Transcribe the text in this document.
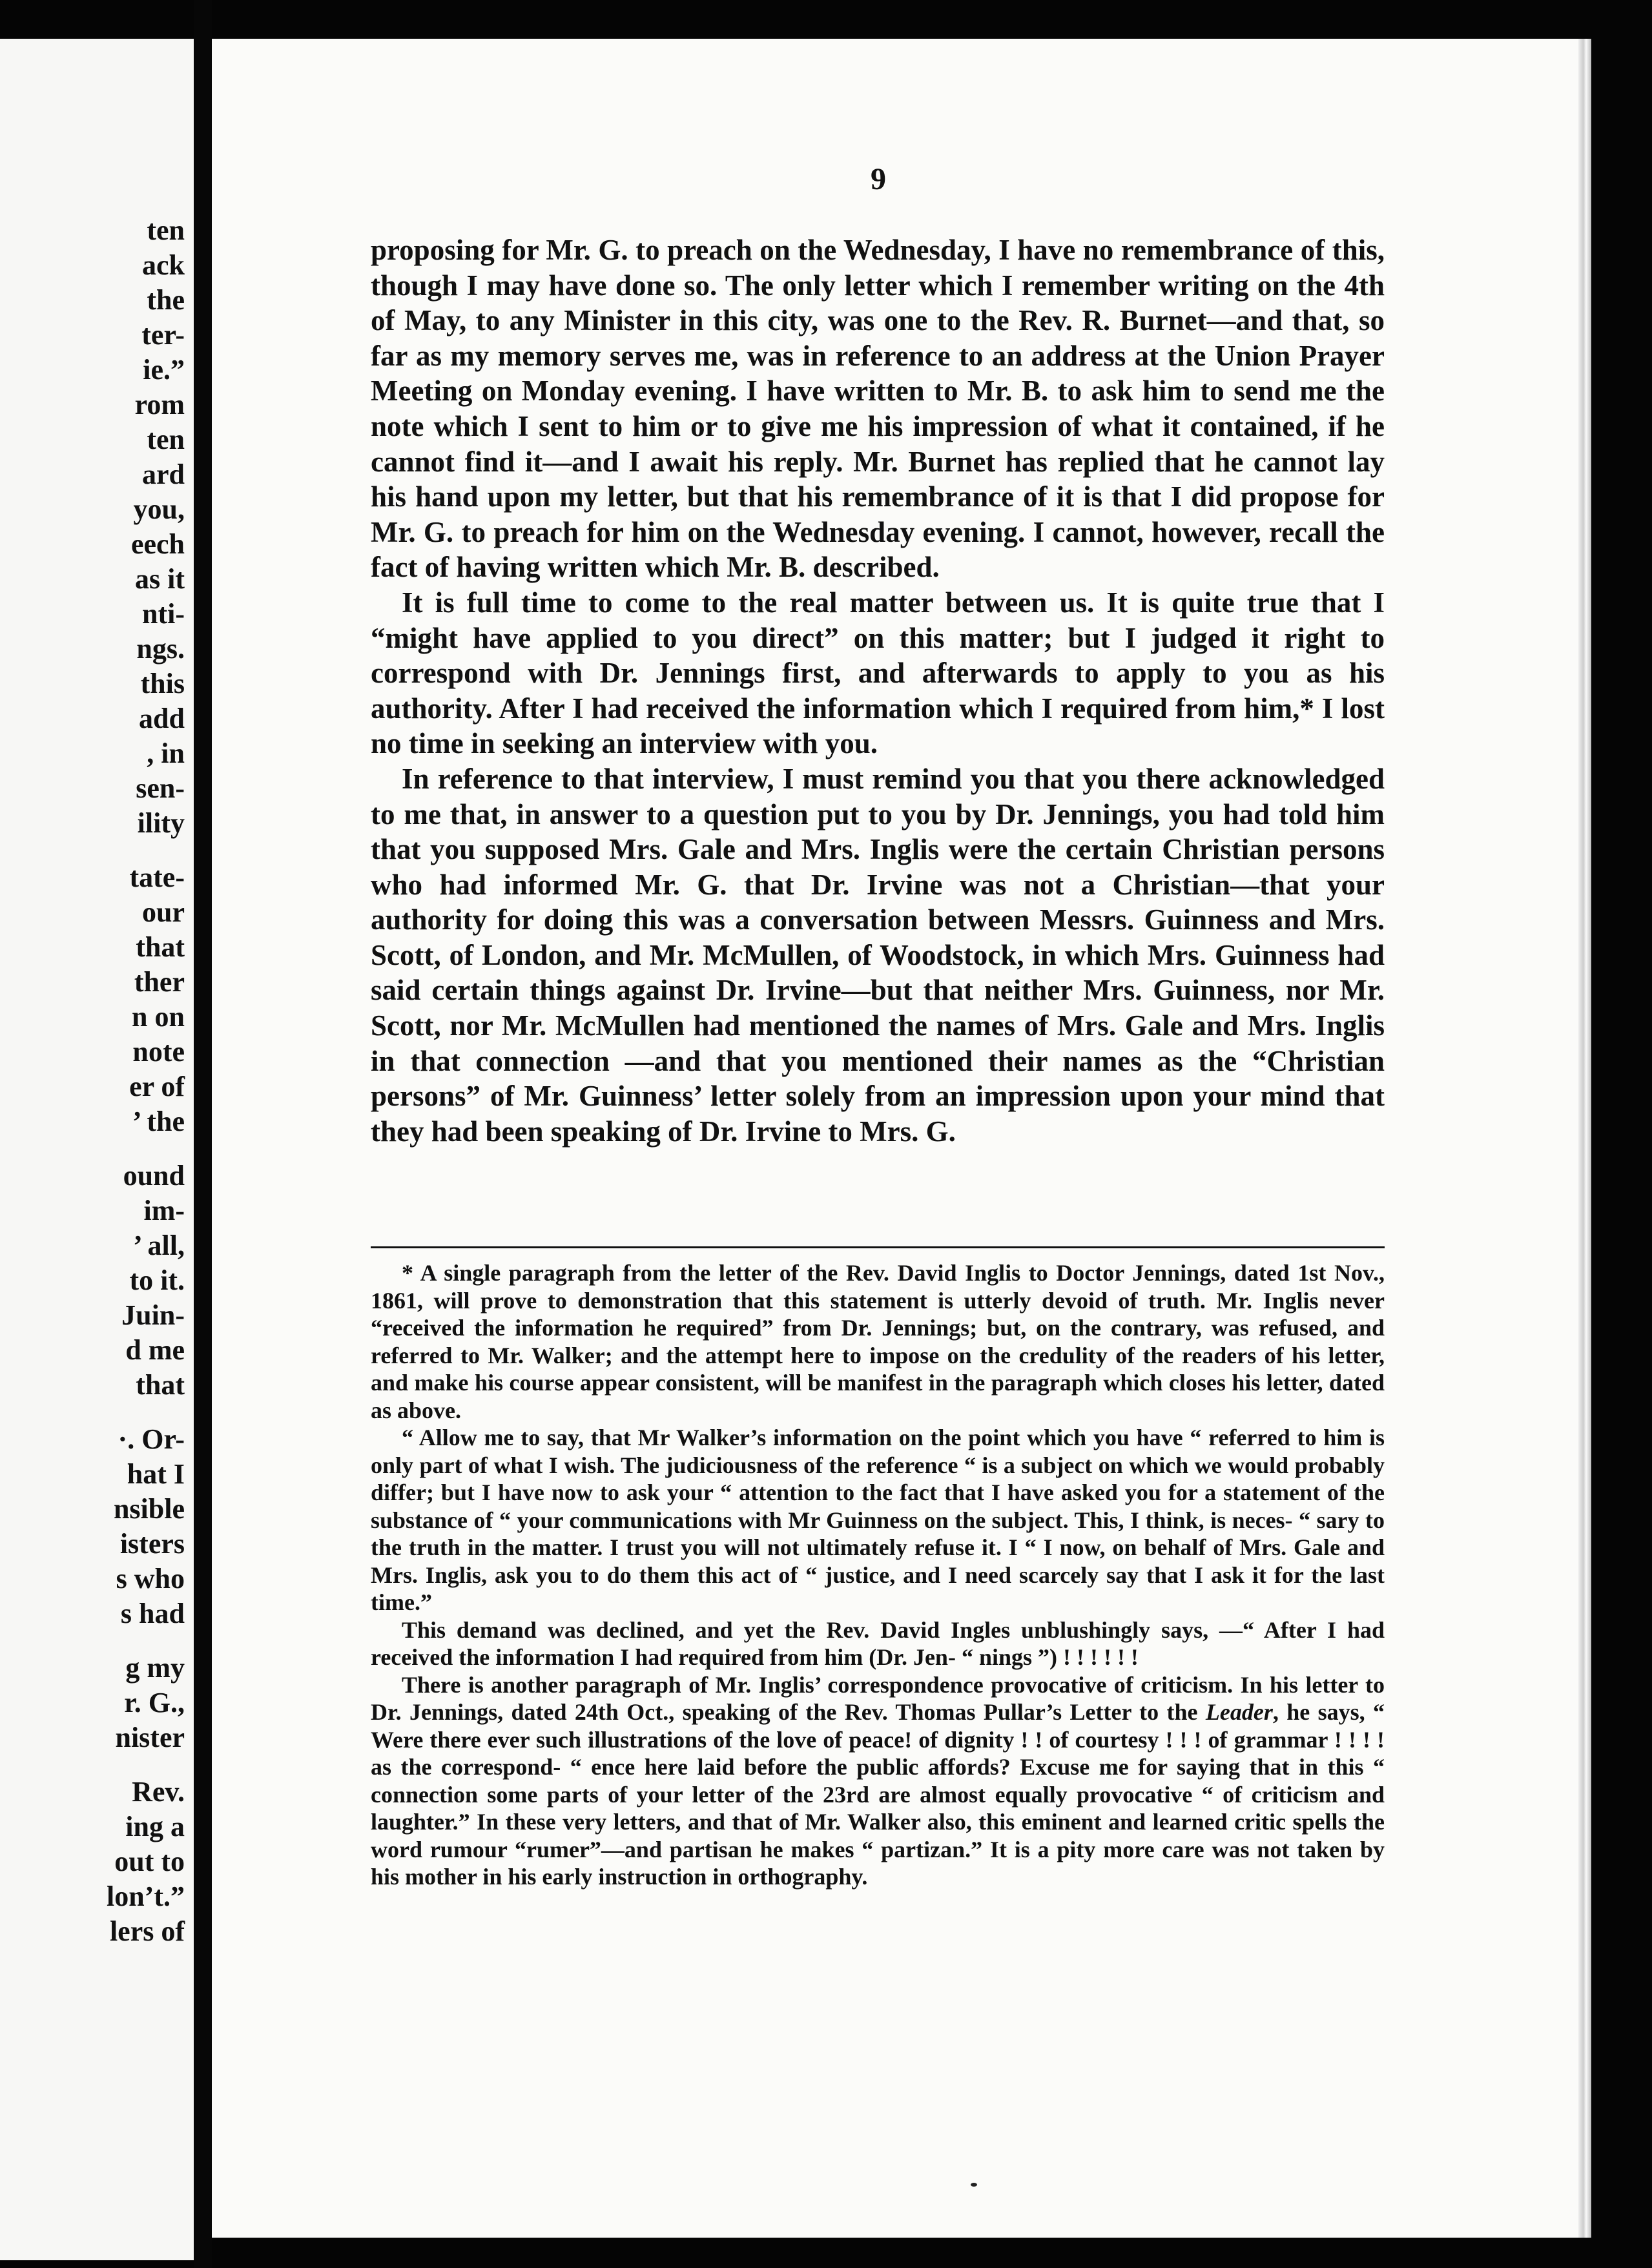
ten
ack
the
ter-
ie.”
rom
ten
ard
you,
eech
as it
nti-
ngs.
this
add
, in
sen-
ility
tate-
our
that
ther
n on
note
er of
’ the
ound
im-
’ all,
to it.
Juin-
d me
that
·. Or-
hat I
nsible
isters
s who
s had
g my
r. G.,
nister
Rev.
ing a
out to
lon’t.”
lers of
9

proposing for Mr. G. to preach on the Wednesday, I have no remembrance of this, though I may have done so. The only letter which I remember writing on the 4th of May, to any Minister in this city, was one to the Rev. R. Burnet—and that, so far as my memory serves me, was in reference to an address at the Union Prayer Meeting on Monday evening. I have written to Mr. B. to ask him to send me the note which I sent to him or to give me his impression of what it contained, if he cannot find it—and I await his reply. Mr. Burnet has replied that he cannot lay his hand upon my letter, but that his remembrance of it is that I did propose for Mr. G. to preach for him on the Wednesday evening. I cannot, however, recall the fact of having written which Mr. B. described.

It is full time to come to the real matter between us. It is quite true that I “might have applied to you direct” on this matter; but I judged it right to correspond with Dr. Jennings first, and afterwards to apply to you as his authority. After I had received the information which I required from him,* I lost no time in seeking an interview with you.

In reference to that interview, I must remind you that you there acknowledged to me that, in answer to a question put to you by Dr. Jennings, you had told him that you supposed Mrs. Gale and Mrs. Inglis were the certain Christian persons who had informed Mr. G. that Dr. Irvine was not a Christian—that your authority for doing this was a conversation between Messrs. Guinness and Mrs. Scott, of London, and Mr. McMullen, of Woodstock, in which Mrs. Guinness had said certain things against Dr. Irvine—but that neither Mrs. Guinness, nor Mr. Scott, nor Mr. McMullen had mentioned the names of Mrs. Gale and Mrs. Inglis in that connection —and that you mentioned their names as the “Christian persons” of Mr. Guinness’ letter solely from an impression upon your mind that they had been speaking of Dr. Irvine to Mrs. G.

* A single paragraph from the letter of the Rev. David Inglis to Doctor Jennings, dated 1st Nov., 1861, will prove to demonstration that this statement is utterly devoid of truth. Mr. Inglis never “received the information he required” from Dr. Jennings; but, on the contrary, was refused, and referred to Mr. Walker; and the attempt here to impose on the credulity of the readers of his letter, and make his course appear consistent, will be manifest in the paragraph which closes his letter, dated as above.

“ Allow me to say, that Mr Walker’s information on the point which you have “ referred to him is only part of what I wish. The judiciousness of the reference “ is a subject on which we would probably differ; but I have now to ask your “ attention to the fact that I have asked you for a statement of the substance of “ your communications with Mr Guinness on the subject. This, I think, is neces- “ sary to the truth in the matter. I trust you will not ultimately refuse it. I “ I now, on behalf of Mrs. Gale and Mrs. Inglis, ask you to do them this act of “ justice, and I need scarcely say that I ask it for the last time.”

This demand was declined, and yet the Rev. David Ingles unblushingly says, —“ After I had received the information I had required from him (Dr. Jen- “ nings ”) ! ! ! ! ! !

There is another paragraph of Mr. Inglis’ correspondence provocative of criticism. In his letter to Dr. Jennings, dated 24th Oct., speaking of the Rev. Thomas Pullar’s Letter to the Leader, he says, “ Were there ever such illustrations of the love of peace! of dignity ! ! of courtesy ! ! ! of grammar ! ! ! ! as the correspond- “ ence here laid before the public affords? Excuse me for saying that in this “ connection some parts of your letter of the 23rd are almost equally provocative “ of criticism and laughter.” In these very letters, and that of Mr. Walker also, this eminent and learned critic spells the word rumour “rumer”—and partisan he makes “ partizan.” It is a pity more care was not taken by his mother in his early instruction in orthography.
